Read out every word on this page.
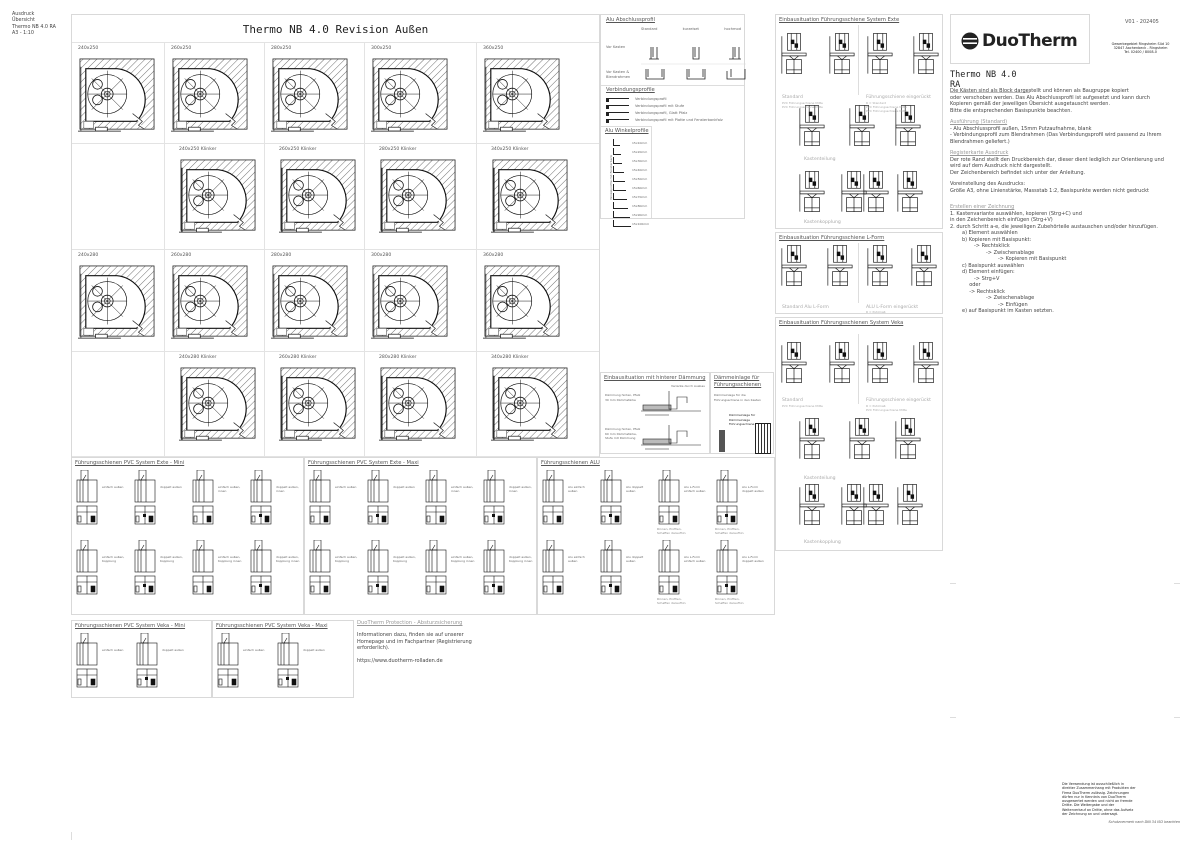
Ausdruck
Übersicht
Thermo NB 4.0 RA
A3 - 1:10	Thermo NB 4.0 Revision Außen
240x250	260x250	280x250	300x250	360x250
240x250 Klinker	260x250 Klinker	280x250 Klinker	340x250 Klinker
240x280	260x280	280x280	300x280	360x280
240x280 Klinker	260x280 Klinker	280x280 Klinker	340x280 Klinker
Alu Abschlussprofil
Standard	kurzeiset	hochmod
Vor Kasten
Vor Kasten & Blendrahmen
Verbindungsprofile
Verbindungsprofil
Verbindungsprofil mit Stufe
Verbindungsprofil, Glatt Pfalz
Verbindungsprofil mit Platte und Fensterbankfalz
Alu Winkelprofile
Winkelprofile mit Fensterbank
15x10mm
15x20mm
15x30mm
15x40mm
15x50mm
15x60mm
15x70mm
15x80mm
15x90mm
15x100mm
Einbausituation mit hinterer Dämmung
Variante durch Ausbau
Dämmung hinten, Pfalz 30 mm Dämmstärke
Dämmung hinten, Pfalz 60 mm Dämmstärke, Stufe mit Dämmung
Dämmeinlage für
Führungsschienen
Dämmeinlage für die Führungsschiene in den Kasten
Dämmeinlage für Dämmeinlage Führungsschiene
Einbausituation Führungsschiene System Exte
Standard
PVC Führungsschiene Mitte
PVC Führungsschiene Mitte
Führungsschiene eingerückt
R = Standard
PVC Führungsschiene Mitte
PVC Führungsschiene Mitte
Kastenteilung
Kastenkopplung
Einbausituation Führungsschiene L-Form
Standard Alu L-Form	ALU L-Form eingerückt
R = Putzmaß
Einbausituation Führungsschienen System Veka
Standard
PVC Führungsschiene Mitte
Führungsschiene eingerückt
R = Putzmaß
PVC Führungsschiene Mitte
Kastenteilung
Kastenkopplung
Führungsschienen PVC System Exte - Mini
einfach außen	doppelt außen	einfach außen, innen
doppelt außen, innen
einfach außen, Kopplung
doppelt außen, Kopplung
einfach außen, Kopplung innen
doppelt außen, Kopplung innen
Führungsschienen PVC System Exte - Maxi
einfach außen	doppelt außen	einfach außen, innen
doppelt außen, innen
einfach außen, Kopplung
doppelt außen, Kopplung
einfach außen, Kopplung innen
doppelt außen, Kopplung innen
Führungsschienen ALU
Alu einfach außen
Alu doppelt außen
Alu L-Form einfach außen
Alu L-Form doppelt außen
Alu einfach außen
Alu doppelt außen
Alu L-Form einfach außen
Alu L-Form doppelt außen
Rinnen, Profilen, Schaffen daraufhin
Rinnen, Profilen, Schaffen daraufhin
Rinnen, Profilen, Schaffen daraufhin
Rinnen, Profilen, Schaffen daraufhin
Führungsschienen PVC System Veka - Mini
einfach außen	doppelt außen
Führungsschienen PVC System Veka - Maxi
einfach außen	doppelt außen
DuoTherm Protection - Absturzsicherung
Informationen dazu, finden sie auf unserer
Homepage und im Fachpartner (Registrierung
erforderlich).
https://www.duotherm-rolladen.de
DuoTherm
V01 - 202405
Gewerbegebiet Ringsheim Süd 10
32847 Aachenbeck - Ringsheim
Tel. 02400 / 8008-0
Thermo NB 4.0 RA
Die Kästen sind als Block dargestellt und können als Baugruppe kopiert
oder verschoben werden. Das Alu Abschlussprofil ist aufgesetzt und kann durch
Kopieren gemäß der jeweiligen Übersicht ausgetauscht werden.
Bitte die entsprechenden Basispunkte beachten.
Ausführung (Standard)
- Alu Abschlussprofil außen, 15mm Putzaufnahme, blank
- Verbindungsprofil zum Blendrahmen (Das Verbindungsprofil wird passend zu Ihrem
Blendrahmen geliefert.)
Registerkarte Ausdruck
Der rote Rand stellt den Druckbereich dar, dieser dient lediglich zur Orientierung und
wird auf dem Ausdruck nicht dargestellt.
Der Zeichenbereich befindet sich unter der Anleitung.
Voreinstellung des Ausdrucks:
Größe A3, ohne Linienstärke, Massstab 1:2, Basispunkte werden nicht gedruckt
Erstellen einer Zeichnung
1. Kastenvariante auswählen, kopieren (Strg+C) und
in den Zeichenbereich einfügen (Strg+V)
2. durch Schritt a-e, die jeweiligen Zubehörteile austauschen und/oder hinzufügen.
a) Element auswählen
b) Kopieren mit Basispunkt:
-> Rechtsklick
-> Zwischenablage
-> Kopieren mit Basispunkt
c) Basispunkt auswählen
d) Element einfügen:
-> Strg+V
oder
-> Rechtsklick
-> Zwischenablage
-> Einfügen
e) auf Basispunkt im Kasten setzten.
Die Verwendung ist ausschließlich in
direkter Zusammenhang mit Produkten der
Firma DuoTherm zulässig. Zeichnungen
dürfen nur in Kenntnis von DuoTherm
ausgewertet werden und nicht an fremde
Dritte. Die Weitergabe und der
Weiterverkauf an Dritte, ohne das Aufsetz
der Zeichnung an und untersagt.
Schutzvermerk nach DIN 34 ISO beachten
